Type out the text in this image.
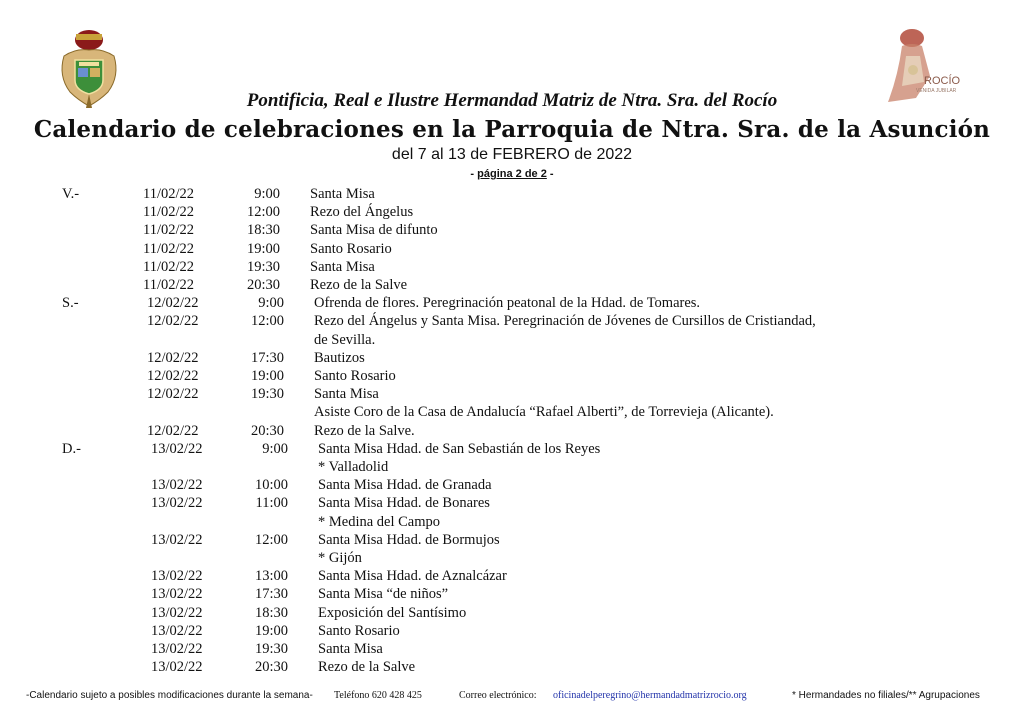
ROCÍO
VENIDA JUBILAR
Pontificia, Real e Ilustre Hermandad Matriz de Ntra. Sra. del Rocío
Calendario de celebraciones en la Parroquia de Ntra. Sra. de la Asunción
del 7 al 13 de FEBRERO de 2022
- página 2 de 2 -
V.-	11/02/22	9:00 Santa Misa
11/02/22	12:00 Rezo del Ángelus
11/02/22	18:30 Santa Misa de difunto
11/02/22	19:00 Santo Rosario
11/02/22	19:30 Santa Misa
11/02/22	20:30 Rezo de la Salve
S.-	12/02/22	9:00 Ofrenda de flores. Peregrinación peatonal de la Hdad. de Tomares.
12/02/22	12:00 Rezo del Ángelus y Santa Misa. Peregrinación de Jóvenes de Cursillos de Cristiandad,
de Sevilla.
12/02/22	17:30 Bautizos
12/02/22	19:00 Santo Rosario
12/02/22	19:30 Santa Misa
Asiste Coro de la Casa de Andalucía “Rafael Alberti”, de Torrevieja (Alicante).
12/02/22	20:30 Rezo de la Salve.
D.-	13/02/22	9:00 Santa Misa Hdad. de San Sebastián de los Reyes
* Valladolid
13/02/22	10:00 Santa Misa Hdad. de Granada
13/02/22	11:00 Santa Misa Hdad. de Bonares
* Medina del Campo
13/02/22	12:00 Santa Misa Hdad. de Bormujos
* Gijón
13/02/22	13:00 Santa Misa Hdad. de Aznalcázar
13/02/22	17:30 Santa Misa “de niños”
13/02/22	18:30 Exposición del Santísimo
13/02/22	19:00 Santo Rosario
13/02/22	19:30 Santa Misa
13/02/22	20:30 Rezo de la Salve
-Calendario sujeto a posibles modificaciones durante la semana- Teléfono 620 428 425	Correo electrónico: oficinadelperegrino@hermandadmatrizrocio.org	* Hermandades no filiales/** Agrupaciones
